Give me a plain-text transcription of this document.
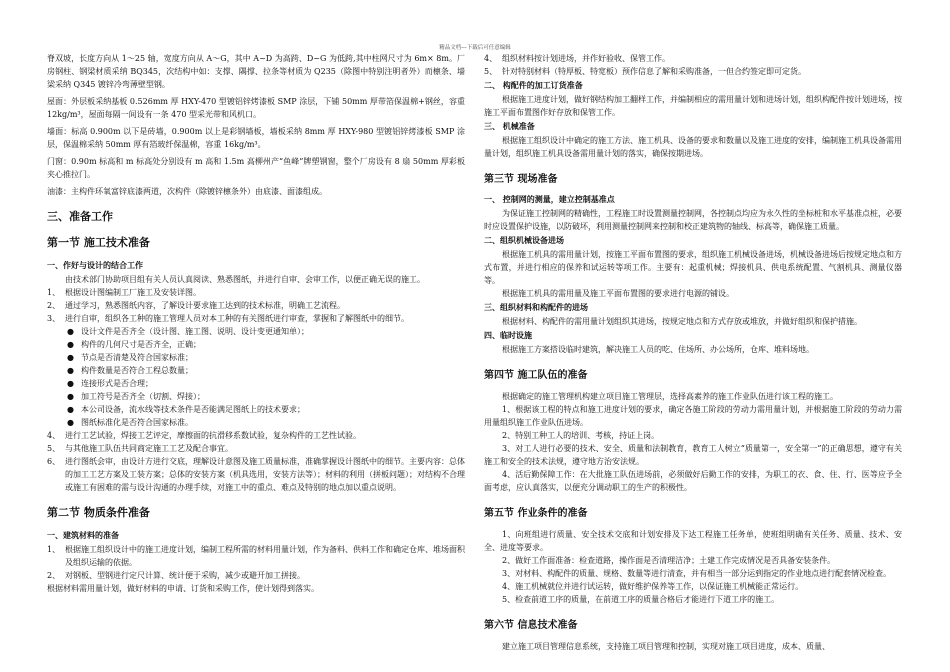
精品文档---下载后可任意编辑

脊双坡，长度方向从 1～25 轴，宽度方向从 A～G，其中 A~D 为高跨、D~G 为低跨,其中柱网尺寸为 6m× 8m。厂房钢柱、钢梁材质采纳 BQ345，次结构中如：支撑、隅撑、拉条等材质为 Q235（除图中特别注明者外）而檩条、墙梁采纳 Q345 镀锌冷弯薄壁型钢。

屋面：外层板采纳基板 0.526mm 厚 HXY-470 型镀铝锌烤漆板 SMP 涂层，下铺 50mm 厚带箔保温棉+钢丝，容重 12kg/m³，屋面每隔一间设有一条 470 型采光带和风机口。

墙面：标高 0.900m 以下是砖墙，0.900m 以上是彩钢墙板，墙板采纳 8mm 厚 HXY-980 型镀铝锌烤漆板 SMP 涂层，保温棉采纳 50mm 厚有箔玻纤保温棉，容重 16kg/m³。

门窗：0.90m 标高和 m 标高处分别设有 m 高和 1.5m 高柳州产“鱼峰”牌塑钢窗，整个厂房设有 8 扇 50mm 厚彩板夹心推拉门。

油漆：主构件环氧富锌底漆两道，次构件（除镀锌檩条外）由底漆、面漆组成。

三、准备工作
第一节 施工技术准备
一、作好与设计的结合工作

由技术部门协助项目组有关人员认真阅读、熟悉图纸，并进行自审、会审工作，以便正确无误的施工。

1、 根据设计图编制工厂施工及安装详图。
2、 通过学习，熟悉图纸内容，了解设计要求施工达到的技术标准，明确工艺流程。
3、 进行自审，组织各工种的施工管理人员对本工种的有关图纸进行审查，掌握和了解图纸中的细节。
● 设计文件是否齐全（设计图、施工图、说明、设计变更通知单）；
● 构件的几何尺寸是否齐全，正确；
● 节点是否清楚及符合国家标准；
● 构件数量是否符合工程总数量；
● 连接形式是否合理；
● 加工符号是否齐全（切割、焊接）；
● 本公司设备，流水线等技术条件是否能满足图纸上的技术要求；
● 图纸标准化是否符合国家标准。
4、 进行工艺试验，焊接工艺评定，摩擦面的抗滑移系数试验，复杂构件的工艺性试验。
5、 与其他施工队伍共同商定施工工艺及配合事宜。
6、 进行图纸会审，由设计方进行交底，理解设计意图及施工质量标准，准确掌握设计图纸中的细节。主要内容：总体的加工工艺方案及工装方案；总体的安装方案（机具选用，安装方法等）；材料的利用（拼板问题）；对结构不合理或施工有困难的需与设计沟通的办理手续，对施工中的重点、难点及特别的地点加以重点说明。
第二节 物质条件准备
一、建筑材料的准备
1、 根据施工组织设计中的施工进度计划，编制工程所需的材料用量计划，作为备料、供料工作和确定仓库、堆场面积及组织运输的依据。
2、 对钢板、型钢进行定尺计算、统计便于采购，减少或避开加工拼接。
根据材料需用量计划，做好材料的申请、订货和采购工作，使计划得到落实。
4、 组织材料按计划进场，并作好验收、保管工作。
5、 针对特别材料（特厚板、特宽板）预作信息了解和采购准备，一但合约签定即可定货。
二、 构配件的加工订货准备

根据施工进度计划，做好钢结构加工翻样工作，并编制相应的需用量计划和进场计划，组织构配件按计划进场，按施工平面布置图作好存放和保管工作。

三、 机械准备

根据施工组织设计中确定的施工方法、施工机具、设备的要求和数量以及施工进度的安排，编制施工机具设备需用量计划，组织施工机具设备需用量计划的落实，确保按期进场。

第三节 现场准备
一、 控制网的测量，建立控制基准点

为保证施工控制网的精确性，工程施工时设置测量控制网，各控制点均应为永久性的坐标桩和水平基准点桩，必要时应设置保护设施，以防破坏，利用测量控制网来控制和校正建筑物的轴线、标高等，确保施工质量。

二、组织机械设备进场

根据施工机具的需用量计划，按施工平面布置图的要求，组织施工机械设备进场，机械设备进场后按规定地点和方式布置，并进行相应的保养和试运转等项工作。主要有：起重机械；焊接机具、供电系统配置、气割机具、测量仪器等。

根据施工机具的需用量及施工平面布置图的要求进行电源的铺设。

三、组织材料和构配件的进场

根据材料、构配件的需用量计划组织其进场，按规定地点和方式存放或堆放，并做好组织和保护措施。

四、临时设施

根据施工方案搭设临时建筑，解决施工人员的吃、住场所、办公场所，仓库、堆料场地。

第四节 施工队伍的准备

根据确定的施工管理机构建立项目施工管理层，选择高素养的施工作业队伍进行该工程的施工。

1、根据该工程的特点和施工进度计划的要求，确定各施工阶段的劳动力需用量计划，并根据施工阶段的劳动力需用量组织施工作业队伍进场。

2、特别工种工人的培训、考核，持证上岗。

3、对工人进行必要的技术、安全、质量和法制教育，教育工人树立“质量第一，安全第一”的正确思想，遵守有关施工和安全的技术法规，遵守地方治安法规。

4、活后勤保障工作：在大批施工队伍进场前，必须做好后勤工作的安排，为职工的衣、食、住、行、医等应予全面考虑，应认真落实，以便充分调动职工的生产的积极性。

第五节 作业条件的准备

1、向班组进行质量、安全技术交底和计划安排及下达工程施工任务单，使班组明确有关任务、质量、技术、安全、进度等要求。

2、做好工作面准备：检查道路，操作面是否清理洁净；土建工作完成情况是否具备安装条件。

3、对材料、构配件的质量、规格、数量等进行清查，并有相当一部分运到指定的作业地点进行配套情况检查。

4、施工机械就位并进行试运转，做好维护保养等工作，以保证施工机械能正常运行。

5、检查前道工序的质量，在前道工序的质量合格后才能进行下道工序的施工。

第六节 信息技术准备

建立施工项目管理信息系统，支持施工项目管理和控制，实现对施工项目进度，成本、质量、
